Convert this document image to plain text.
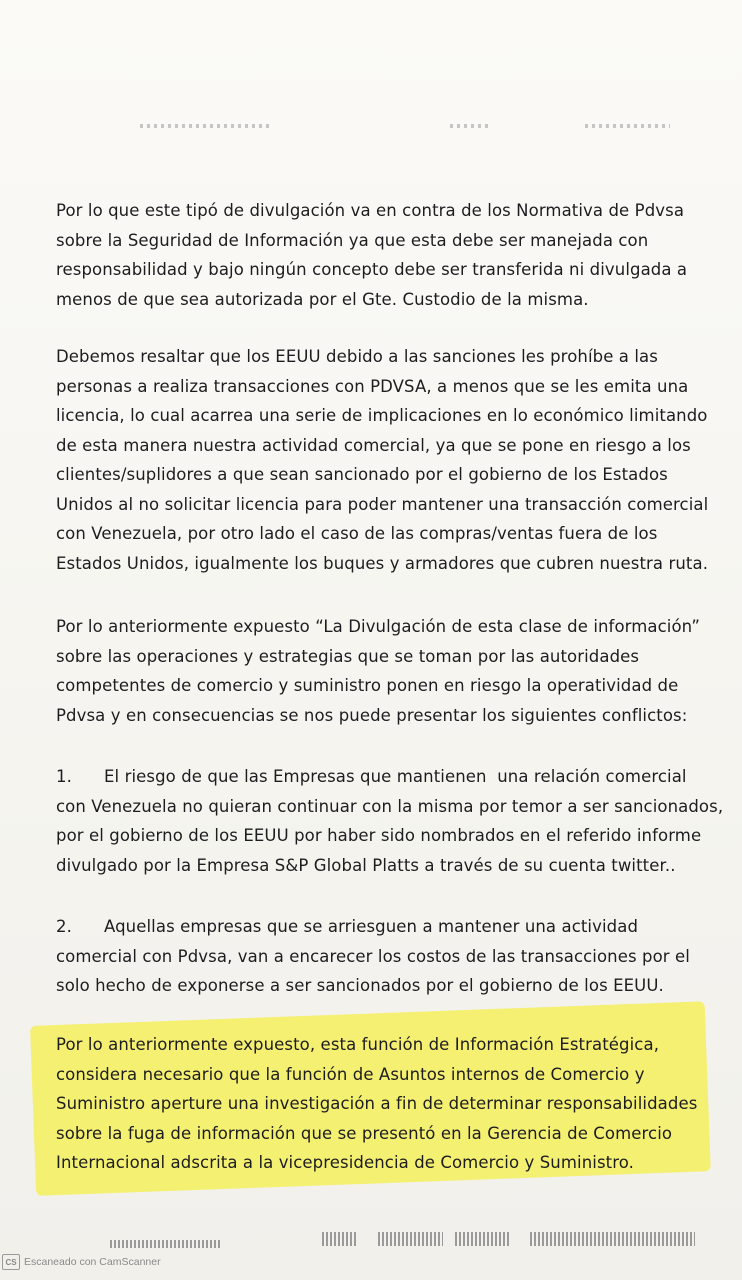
Por lo que este tipó de divulgación va en contra de los Normativa de Pdvsa
sobre la Seguridad de Información ya que esta debe ser manejada con
responsabilidad y bajo ningún concepto debe ser transferida ni divulgada a
menos de que sea autorizada por el Gte. Custodio de la misma.
Debemos resaltar que los EEUU debido a las sanciones les prohíbe a las
personas a realiza transacciones con PDVSA, a menos que se les emita una
licencia, lo cual acarrea una serie de implicaciones en lo económico limitando
de esta manera nuestra actividad comercial, ya que se pone en riesgo a los
clientes/suplidores a que sean sancionado por el gobierno de los Estados
Unidos al no solicitar licencia para poder mantener una transacción comercial
con Venezuela, por otro lado el caso de las compras/ventas fuera de los
Estados Unidos, igualmente los buques y armadores que cubren nuestra ruta.
Por lo anteriormente expuesto “La Divulgación de esta clase de información”
sobre las operaciones y estrategias que se toman por las autoridades
competentes de comercio y suministro ponen en riesgo la operatividad de
Pdvsa y en consecuencias se nos puede presentar los siguientes conflictos:
1.      El riesgo de que las Empresas que mantienen  una relación comercial
con Venezuela no quieran continuar con la misma por temor a ser sancionados,
por el gobierno de los EEUU por haber sido nombrados en el referido informe
divulgado por la Empresa S&P Global Platts a través de su cuenta twitter..
2.      Aquellas empresas que se arriesguen a mantener una actividad
comercial con Pdvsa, van a encarecer los costos de las transacciones por el
solo hecho de exponerse a ser sancionados por el gobierno de los EEUU.
Por lo anteriormente expuesto, esta función de Información Estratégica,
considera necesario que la función de Asuntos internos de Comercio y
Suministro aperture una investigación a fin de determinar responsabilidades
sobre la fuga de información que se presentó en la Gerencia de Comercio
Internacional adscrita a la vicepresidencia de Comercio y Suministro.
CS Escaneado con CamScanner
